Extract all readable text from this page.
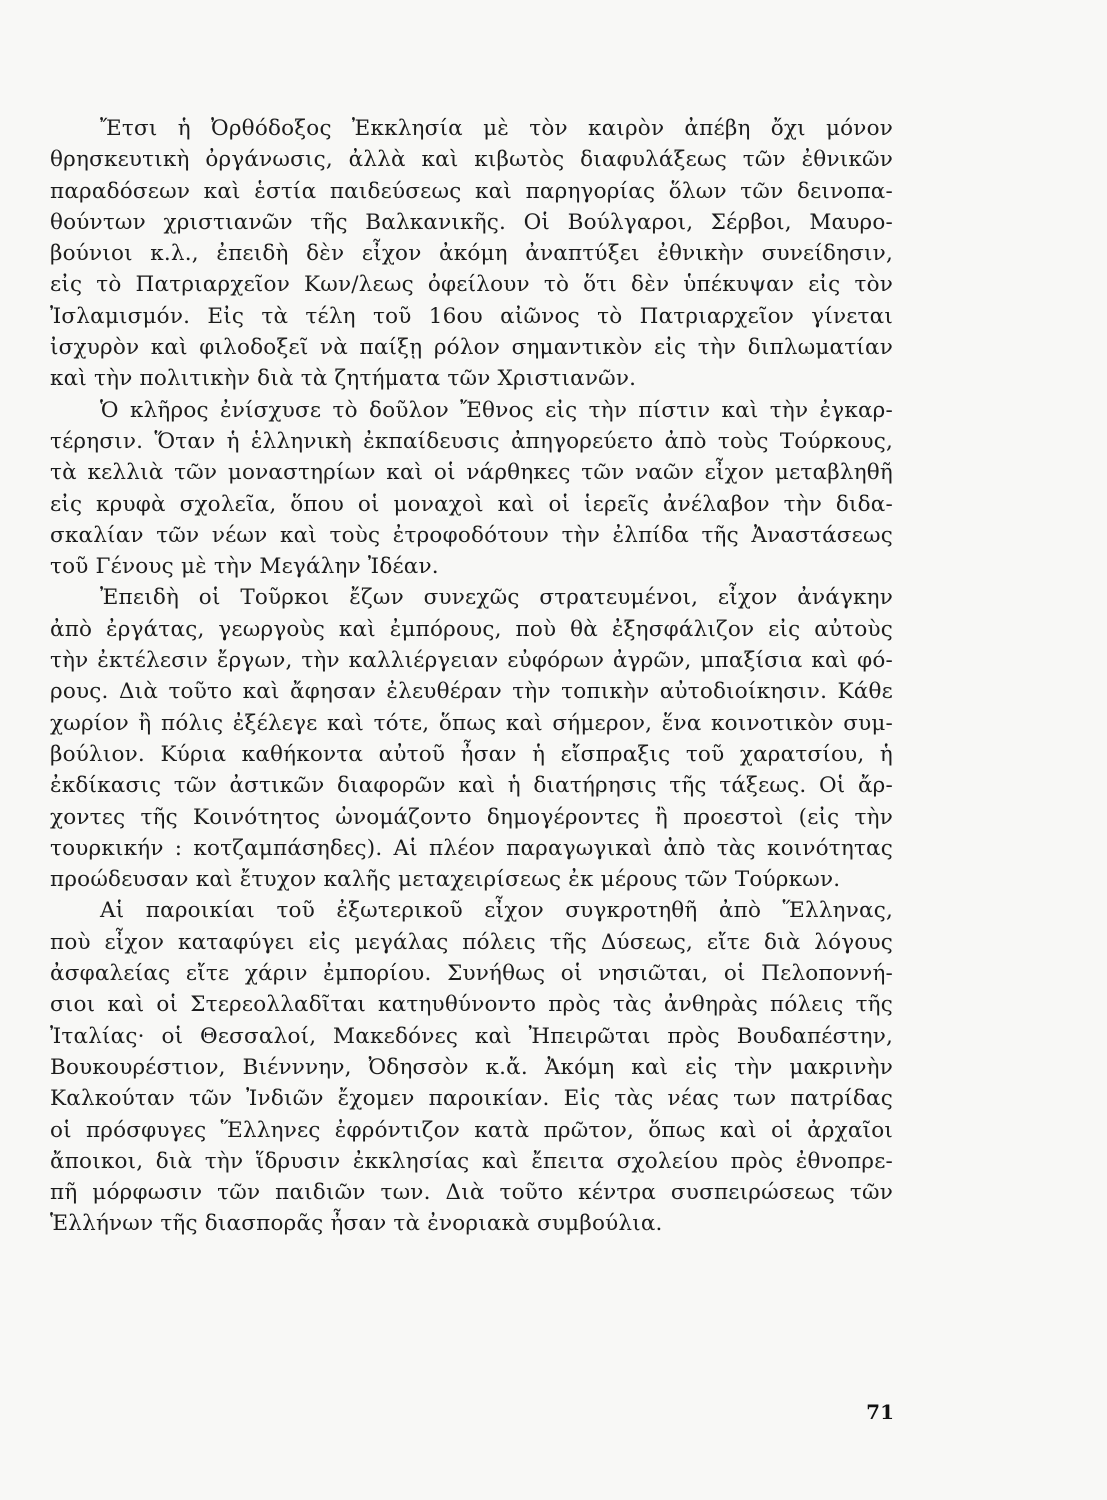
Ἔτσι ἡ Ὀρθόδοξος Ἐκκλησία μὲ τὸν καιρὸν ἀπέβη ὄχι μόνον
θρησκευτικὴ ὀργάνωσις, ἀλλὰ καὶ κιβωτὸς διαφυλάξεως τῶν ἐθνικῶν
παραδόσεων καὶ ἑστία παιδεύσεως καὶ παρηγορίας ὅλων τῶν δεινοπα-
θούντων χριστιανῶν τῆς Βαλκανικῆς. Οἱ Βούλγαροι, Σέρβοι, Μαυρο-
βούνιοι κ.λ., ἐπειδὴ δὲν εἶχον ἀκόμη ἀναπτύξει ἐθνικὴν συνείδησιν,
εἰς τὸ Πατριαρχεῖον Κων/λεως ὀφείλουν τὸ ὅτι δὲν ὑπέκυψαν εἰς τὸν
Ἰσλαμισμόν. Εἰς τὰ τέλη τοῦ 16ου αἰῶνος τὸ Πατριαρχεῖον γίνεται
ἰσχυρὸν καὶ φιλοδοξεῖ νὰ παίξῃ ρόλον σημαντικὸν εἰς τὴν διπλωματίαν
καὶ τὴν πολιτικὴν διὰ τὰ ζητήματα τῶν Χριστιανῶν.
Ὁ κλῆρος ἐνίσχυσε τὸ δοῦλον Ἔθνος εἰς τὴν πίστιν καὶ τὴν ἐγκαρ-
τέρησιν. Ὅταν ἡ ἑλληνικὴ ἐκπαίδευσις ἀπηγορεύετο ἀπὸ τοὺς Τούρκους,
τὰ κελλιὰ τῶν μοναστηρίων καὶ οἱ νάρθηκες τῶν ναῶν εἶχον μεταβληθῆ
εἰς κρυφὰ σχολεῖα, ὅπου οἱ μοναχοὶ καὶ οἱ ἱερεῖς ἀνέλαβον τὴν διδα-
σκαλίαν τῶν νέων καὶ τοὺς ἐτροφοδότουν τὴν ἐλπίδα τῆς Ἀναστάσεως
τοῦ Γένους μὲ τὴν Μεγάλην Ἰδέαν.
Ἐπειδὴ οἱ Τοῦρκοι ἔζων συνεχῶς στρατευμένοι, εἶχον ἀνάγκην
ἀπὸ ἐργάτας, γεωργοὺς καὶ ἐμπόρους, ποὺ θὰ ἐξησφάλιζον εἰς αὐτοὺς
τὴν ἐκτέλεσιν ἔργων, τὴν καλλιέργειαν εὐφόρων ἀγρῶν, μπαξίσια καὶ φό-
ρους. Διὰ τοῦτο καὶ ἄφησαν ἐλευθέραν τὴν τοπικὴν αὐτοδιοίκησιν. Κάθε
χωρίον ἢ πόλις ἐξέλεγε καὶ τότε, ὅπως καὶ σήμερον, ἕνα κοινοτικὸν συμ-
βούλιον. Κύρια καθήκοντα αὐτοῦ ἦσαν ἡ εἴσπραξις τοῦ χαρατσίου, ἡ
ἐκδίκασις τῶν ἀστικῶν διαφορῶν καὶ ἡ διατήρησις τῆς τάξεως. Οἱ ἄρ-
χοντες τῆς Κοινότητος ὠνομάζοντο δημογέροντες ἢ προεστοὶ (εἰς τὴν
τουρκικήν : κοτζαμπάσηδες). Αἱ πλέον παραγωγικαὶ ἀπὸ τὰς κοινότητας
προώδευσαν καὶ ἔτυχον καλῆς μεταχειρίσεως ἐκ μέρους τῶν Τούρκων.
Αἱ παροικίαι τοῦ ἐξωτερικοῦ εἶχον συγκροτηθῆ ἀπὸ Ἕλληνας,
ποὺ εἶχον καταφύγει εἰς μεγάλας πόλεις τῆς Δύσεως, εἴτε διὰ λόγους
ἀσφαλείας εἴτε χάριν ἐμπορίου. Συνήθως οἱ νησιῶται, οἱ Πελοποννή-
σιοι καὶ οἱ Στερεολλαδῖται κατηυθύνοντο πρὸς τὰς ἀνθηρὰς πόλεις τῆς
Ἰταλίας· οἱ Θεσσαλοί, Μακεδόνες καὶ Ἠπειρῶται πρὸς Βουδαπέστην,
Βουκουρέστιον, Βιένννην, Ὀδησσὸν κ.ἄ. Ἀκόμη καὶ εἰς τὴν μακρινὴν
Καλκούταν τῶν Ἰνδιῶν ἔχομεν παροικίαν. Εἰς τὰς νέας των πατρίδας
οἱ πρόσφυγες Ἕλληνες ἐφρόντιζον κατὰ πρῶτον, ὅπως καὶ οἱ ἀρχαῖοι
ἄποικοι, διὰ τὴν ἵδρυσιν ἐκκλησίας καὶ ἔπειτα σχολείου πρὸς ἐθνοπρε-
πῆ μόρφωσιν τῶν παιδιῶν των. Διὰ τοῦτο κέντρα συσπειρώσεως τῶν
Ἑλλήνων τῆς διασπορᾶς ἦσαν τὰ ἐνοριακὰ συμβούλια.
71
